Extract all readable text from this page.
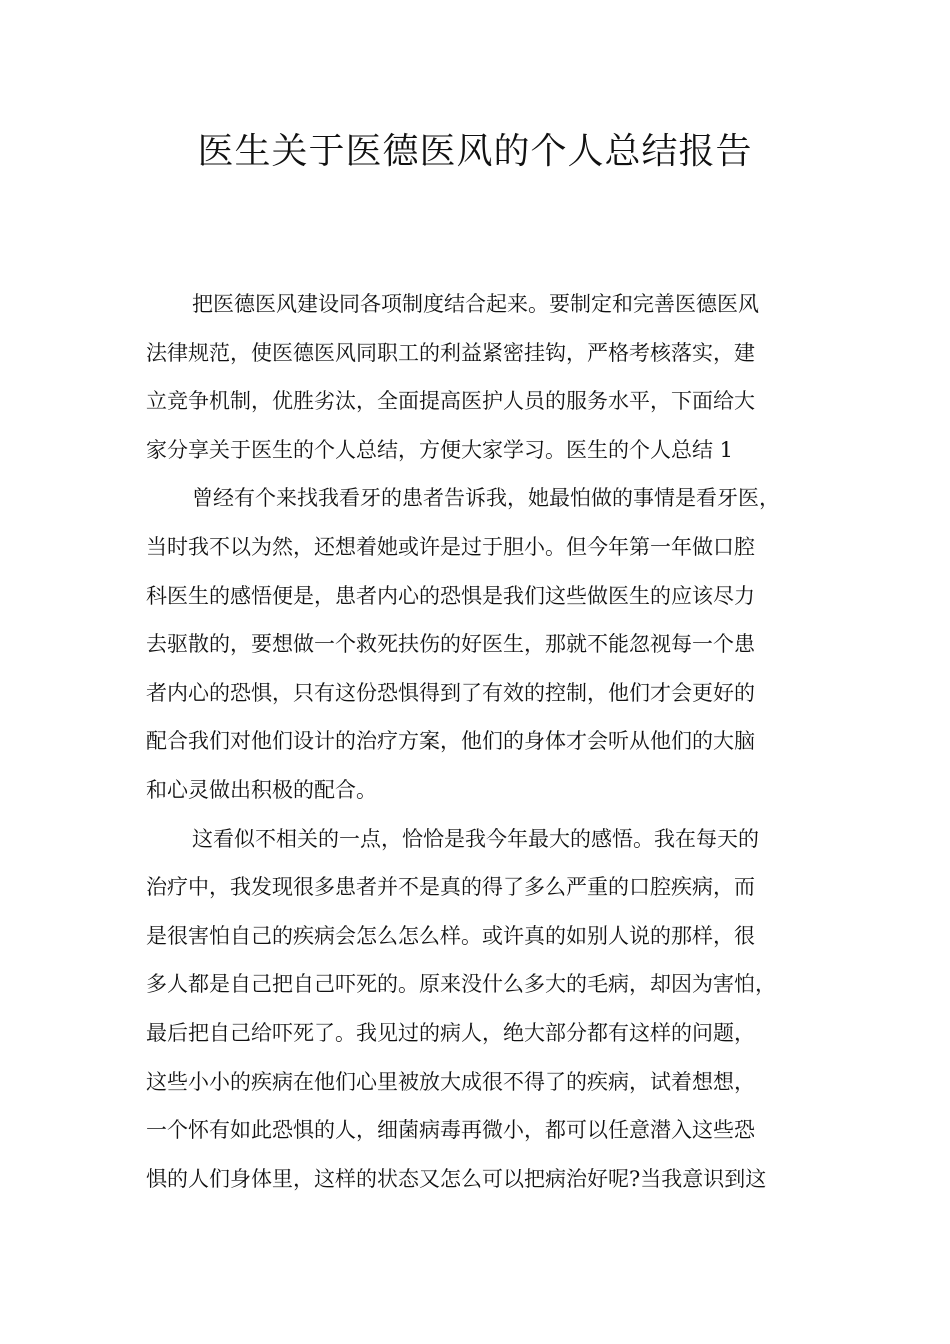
医生关于医德医风的个人总结报告
把医德医风建设同各项制度结合起来。要制定和完善医德医风
法律规范，使医德医风同职工的利益紧密挂钩，严格考核落实，建
立竞争机制，优胜劣汰，全面提高医护人员的服务水平，下面给大
家分享关于医生的个人总结，方便大家学习。医生的个人总结 1
曾经有个来找我看牙的患者告诉我，她最怕做的事情是看牙医，
当时我不以为然，还想着她或许是过于胆小。但今年第一年做口腔
科医生的感悟便是，患者内心的恐惧是我们这些做医生的应该尽力
去驱散的，要想做一个救死扶伤的好医生，那就不能忽视每一个患
者内心的恐惧，只有这份恐惧得到了有效的控制，他们才会更好的
配合我们对他们设计的治疗方案，他们的身体才会听从他们的大脑
和心灵做出积极的配合。
这看似不相关的一点，恰恰是我今年最大的感悟。我在每天的
治疗中，我发现很多患者并不是真的得了多么严重的口腔疾病，而
是很害怕自己的疾病会怎么怎么样。或许真的如别人说的那样，很
多人都是自己把自己吓死的。原来没什么多大的毛病，却因为害怕，
最后把自己给吓死了。我见过的病人，绝大部分都有这样的问题，
这些小小的疾病在他们心里被放大成很不得了的疾病，试着想想，
一个怀有如此恐惧的人，细菌病毒再微小，都可以任意潜入这些恐
惧的人们身体里，这样的状态又怎么可以把病治好呢?当我意识到这
